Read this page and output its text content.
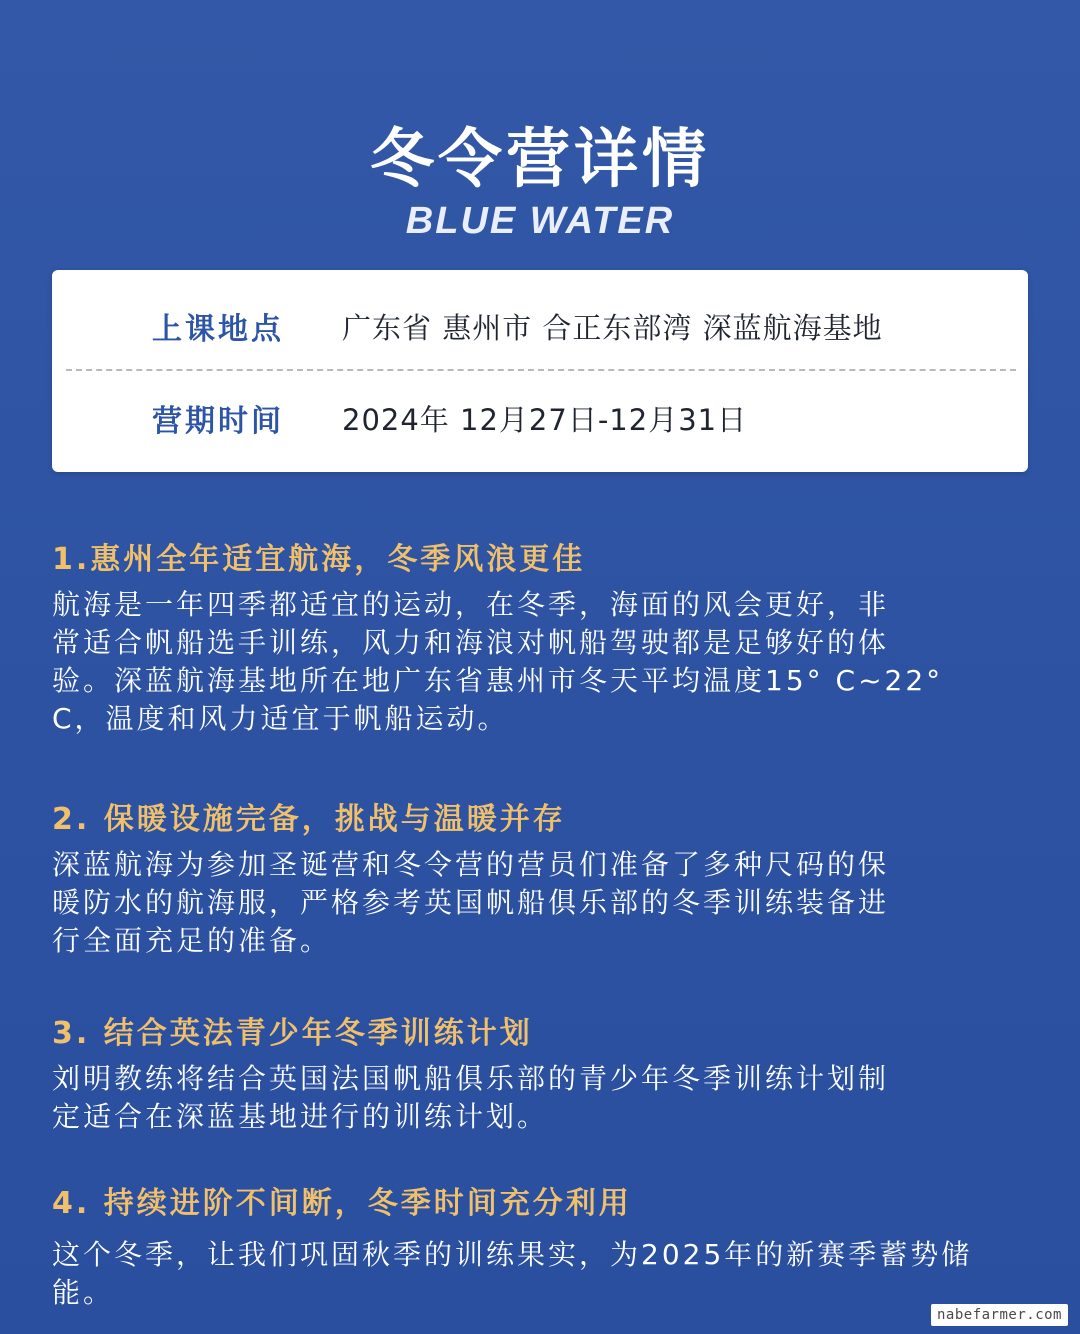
冬令营详情
BLUE WATER
上课地点 广东省 惠州市 合正东部湾 深蓝航海基地
营期时间 2024年 12月27日-12月31日
1.惠州全年适宜航海，冬季风浪更佳
航海是一年四季都适宜的运动，在冬季，海面的风会更好，非
常适合帆船选手训练，风力和海浪对帆船驾驶都是足够好的体
验。深蓝航海基地所在地广东省惠州市冬天平均温度15° C~22°
C，温度和风力适宜于帆船运动。
2. 保暖设施完备，挑战与温暖并存
深蓝航海为参加圣诞营和冬令营的营员们准备了多种尺码的保
暖防水的航海服，严格参考英国帆船俱乐部的冬季训练装备进
行全面充足的准备。
3. 结合英法青少年冬季训练计划
刘明教练将结合英国法国帆船俱乐部的青少年冬季训练计划制
定适合在深蓝基地进行的训练计划。
4. 持续进阶不间断，冬季时间充分利用
这个冬季，让我们巩固秋季的训练果实，为2025年的新赛季蓄势储能。
nabefarmer.com
